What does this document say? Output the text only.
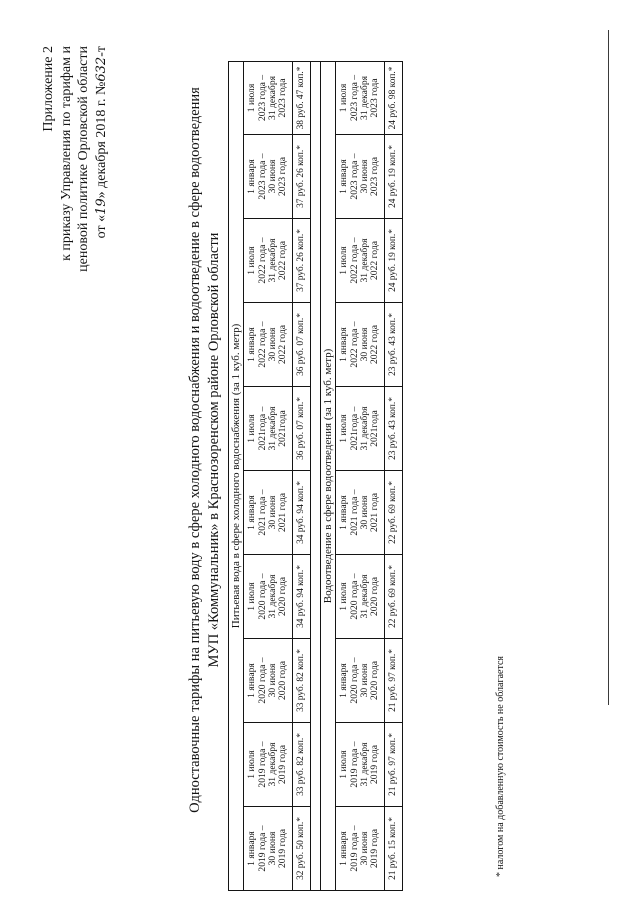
Приложение 2 к приказу Управления по тарифам и ценовой политике Орловской области от «19» декабря 2018 г. №632-т
Одноставочные тарифы на питьевую воду в сфере холодного водоснабжения и водоотведение в сфере водоотведения МУП «Коммунальник» в Краснозоренском районе Орловской области Питьевая вода в сфере холодного водоснабжения (за 1 куб. метр)									

1 января 2019 года – 30 июня 2019 года	1 июля 2019 года – 31 декабря 2019 года	1 января 2020 года – 30 июня 2020 года	1 июля 2020 года – 31 декабря 2020 года	1 января 2021 года – 30 июня 2021 года	1 июля 2021года – 31 декабря 2021года	1 января 2022 года – 30 июня 2022 года	1 июля 2022 года – 31 декабря 2022 года	1 января 2023 года – 30 июня 2023 года	1 июля 2023 года – 31 декабря 2023 года

32 руб. 50 коп.*	33 руб. 82 коп.*	33 руб. 82 коп.*	34 руб. 94 коп.*	34 руб. 94 коп.*	36 руб. 07 коп.*	36 руб. 07 коп.*	37 руб. 26 коп.*	37 руб. 26 коп.*	38 руб. 47 коп.*

Водоотведение в сфере водоотведения (за 1 куб. метр)									

1 января 2019 года – 30 июня 2019 года	1 июля 2019 года – 31 декабря 2019 года	1 января 2020 года – 30 июня 2020 года	1 июля 2020 года – 31 декабря 2020 года	1 января 2021 года – 30 июня 2021 года	1 июля 2021года – 31 декабря 2021года	1 января 2022 года – 30 июня 2022 года	1 июля 2022 года – 31 декабря 2022 года	1 января 2023 года – 30 июня 2023 года	1 июля 2023 года – 31 декабря 2023 года

21 руб. 15 коп.*	21 руб. 97 коп.*	21 руб. 97 коп.*	22 руб. 69 коп.*	22 руб. 69 коп.*	23 руб. 43 коп.*	23 руб. 43 коп.*	24 руб. 19 коп.*	24 руб. 19 коп.*	24 руб. 98 коп.*
* налогом на добавленную стоимость не облагается
